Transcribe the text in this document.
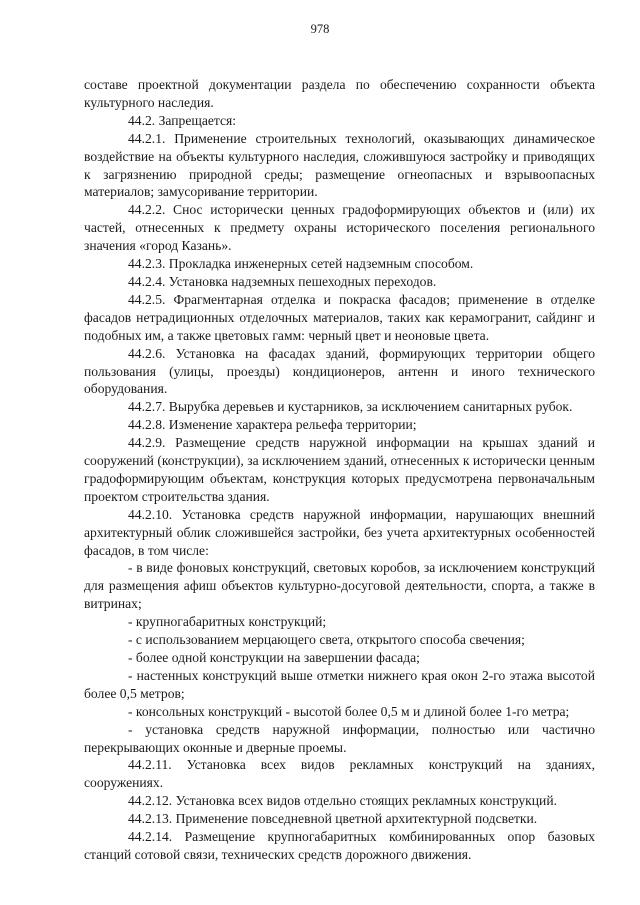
978

составе проектной документации раздела по обеспечению сохранности объекта культурного наследия.

44.2. Запрещается:

44.2.1. Применение строительных технологий, оказывающих динамическое воздействие на объекты культурного наследия, сложившуюся застройку и приводящих к загрязнению природной среды; размещение огнеопасных и взрывоопасных материалов; замусоривание территории.

44.2.2. Снос исторически ценных градоформирующих объектов и (или) их частей, отнесенных к предмету охраны исторического поселения регионального значения «город Казань».

44.2.3. Прокладка инженерных сетей надземным способом.

44.2.4. Установка надземных пешеходных переходов.

44.2.5. Фрагментарная отделка и покраска фасадов; применение в отделке фасадов нетрадиционных отделочных материалов, таких как керамогранит, сайдинг и подобных им, а также цветовых гамм: черный цвет и неоновые цвета.

44.2.6. Установка на фасадах зданий, формирующих территории общего пользования (улицы, проезды) кондиционеров, антенн и иного технического оборудования.

44.2.7. Вырубка деревьев и кустарников, за исключением санитарных рубок.

44.2.8. Изменение характера рельефа территории;

44.2.9. Размещение средств наружной информации на крышах зданий и сооружений (конструкции), за исключением зданий, отнесенных к исторически ценным градоформирующим объектам, конструкция которых предусмотрена первоначальным проектом строительства здания.

44.2.10. Установка средств наружной информации, нарушающих внешний архитектурный облик сложившейся застройки, без учета архитектурных особенностей фасадов, в том числе:

- в виде фоновых конструкций, световых коробов, за исключением конструкций для размещения афиш объектов культурно-досуговой деятельности, спорта, а также в витринах;

- крупногабаритных конструкций;

- с использованием мерцающего света, открытого способа свечения;

- более одной конструкции на завершении фасада;

- настенных конструкций выше отметки нижнего края окон 2-го этажа высотой более 0,5 метров;

- консольных конструкций - высотой более 0,5 м и длиной более 1-го метра;

- установка средств наружной информации, полностью или частично перекрывающих оконные и дверные проемы.

44.2.11. Установка всех видов рекламных конструкций на зданиях, сооружениях.

44.2.12. Установка всех видов отдельно стоящих рекламных конструкций.

44.2.13. Применение повседневной цветной архитектурной подсветки.

44.2.14. Размещение крупногабаритных комбинированных опор базовых станций сотовой связи, технических средств дорожного движения.
